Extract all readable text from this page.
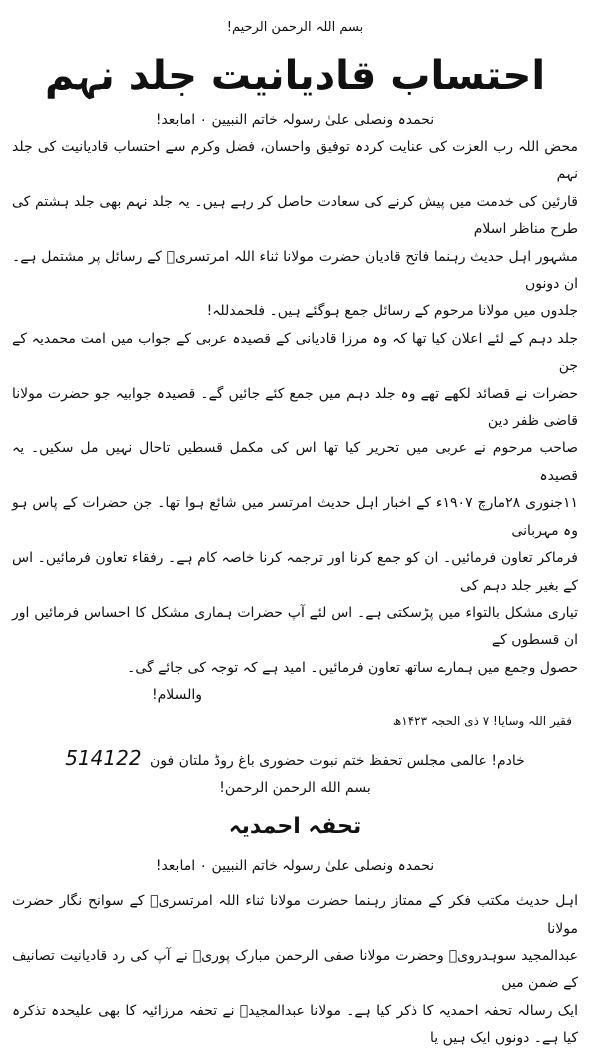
بسم اللہ الرحمن الرحیم!
احتساب قادیانیت جلد نہم
نحمدہ ونصلی علیٰ رسولہ خاتم النبیین ۰ امابعد!

محض اللہ رب العزت کی عنایت کردہ توفیق واحسان، فضل وکرم سے احتساب قادیانیت کی جلد نہم

قارئین کی خدمت میں پیش کرنے کی سعادت حاصل کر رہے ہیں۔ یہ جلد نہم بھی جلد ہشتم کی طرح مناظر اسلام

مشہور اہل حدیث رہنما فاتح قادیان حضرت مولانا ثناء اللہ امرتسریؒ کے رسائل پر مشتمل ہے۔ ان دونوں

جلدوں میں مولانا مرحوم کے رسائل جمع ہوگئے ہیں۔ فلحمدللہ!

جلد دہم کے لئے اعلان کیا تھا کہ وہ مرزا قادیانی کے قصیدہ عربی کے جواب میں امت محمدیہ کے جن

حضرات نے قصائد لکھے تھے وہ جلد دہم میں جمع کئے جائیں گے۔ قصیدہ جوابیہ جو حضرت مولانا قاضی ظفر دین

صاحب مرحوم نے عربی میں تحریر کیا تھا اس کی مکمل قسطیں تاحال نہیں مل سکیں۔ یہ قصیدہ

۱۱جنوری ۲۸مارچ ۱۹۰۷ء کے اخبار اہل حدیث امرتسر میں شائع ہوا تھا۔ جن حضرات کے پاس ہو وہ مہربانی

فرماکر تعاون فرمائیں۔ ان کو جمع کرنا اور ترجمہ کرنا خاصہ کام ہے۔ رفقاء تعاون فرمائیں۔ اس کے بغیر جلد دہم کی

تیاری مشکل بالتواء میں پڑسکتی ہے۔ اس لئے آپ حضرات ہماری مشکل کا احساس فرمائیں اور ان قسطوں کے

حصول وجمع میں ہمارے ساتھ تعاون فرمائیں۔ امید ہے کہ توجہ کی جائے گی۔

والسلام!
فقیر اللہ وسایا! ۷ ذی الحجہ ۱۴۲۳ھ
خادم! عالمی مجلس تحفظ ختم نبوت حضوری باغ روڈ ملتان فون 514122
بسم الله الرحمن الرحمن!
تحفہ احمدیہ
نحمدہ ونصلی علیٰ رسولہ خاتم النبیین ۰ امابعد!

اہل حدیث مکتب فکر کے ممتاز رہنما حضرت مولانا ثناء اللہ امرتسریؒ کے سوانح نگار حضرت مولانا

عبدالمجید سوہدرویؒ وحضرت مولانا صفی الرحمن مبارک پوریؒ نے آپ کی رد قادیانیت تصانیف کے ضمن میں

ایک رسالہ تحفہ احمدیہ کا ذکر کیا ہے۔ مولانا عبدالمجیدؒ نے تحفہ مرزائیہ کا بھی علیحدہ تذکرہ کیا ہے۔ دونوں ایک ہیں یا
